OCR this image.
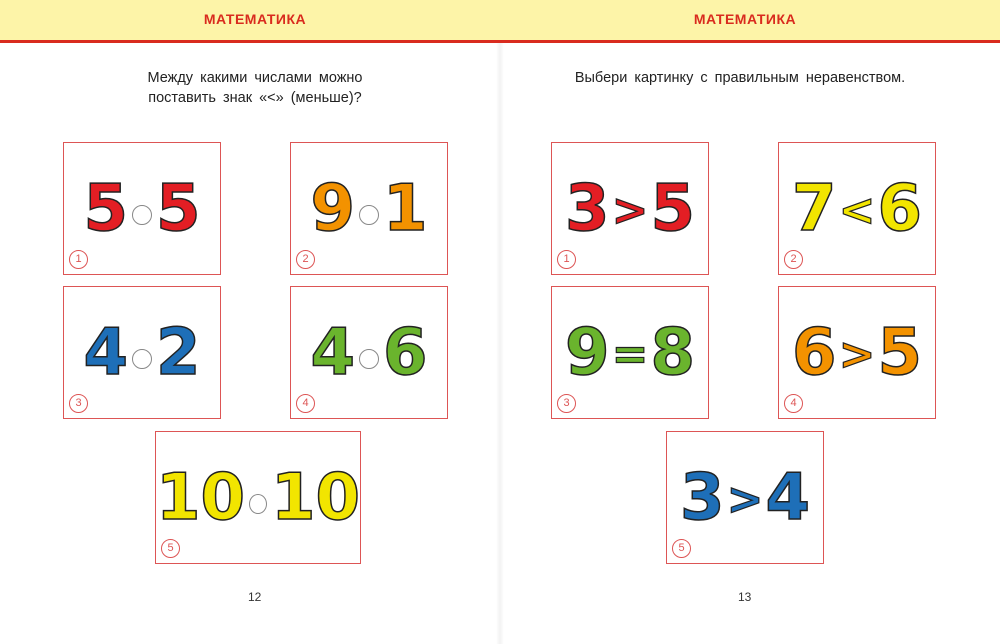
МАТЕМАТИКА
Между какими числами можно
поставить знак «<» (меньше)?
5 5
1
9 1
2
4 2
3
4 6
4
10 10
5
12
МАТЕМАТИКА
Выбери картинку с правильным неравенством.
3 > 5
1
7 < 6
2
9 = 8
3
6 > 5
4
3 > 4
5
13
